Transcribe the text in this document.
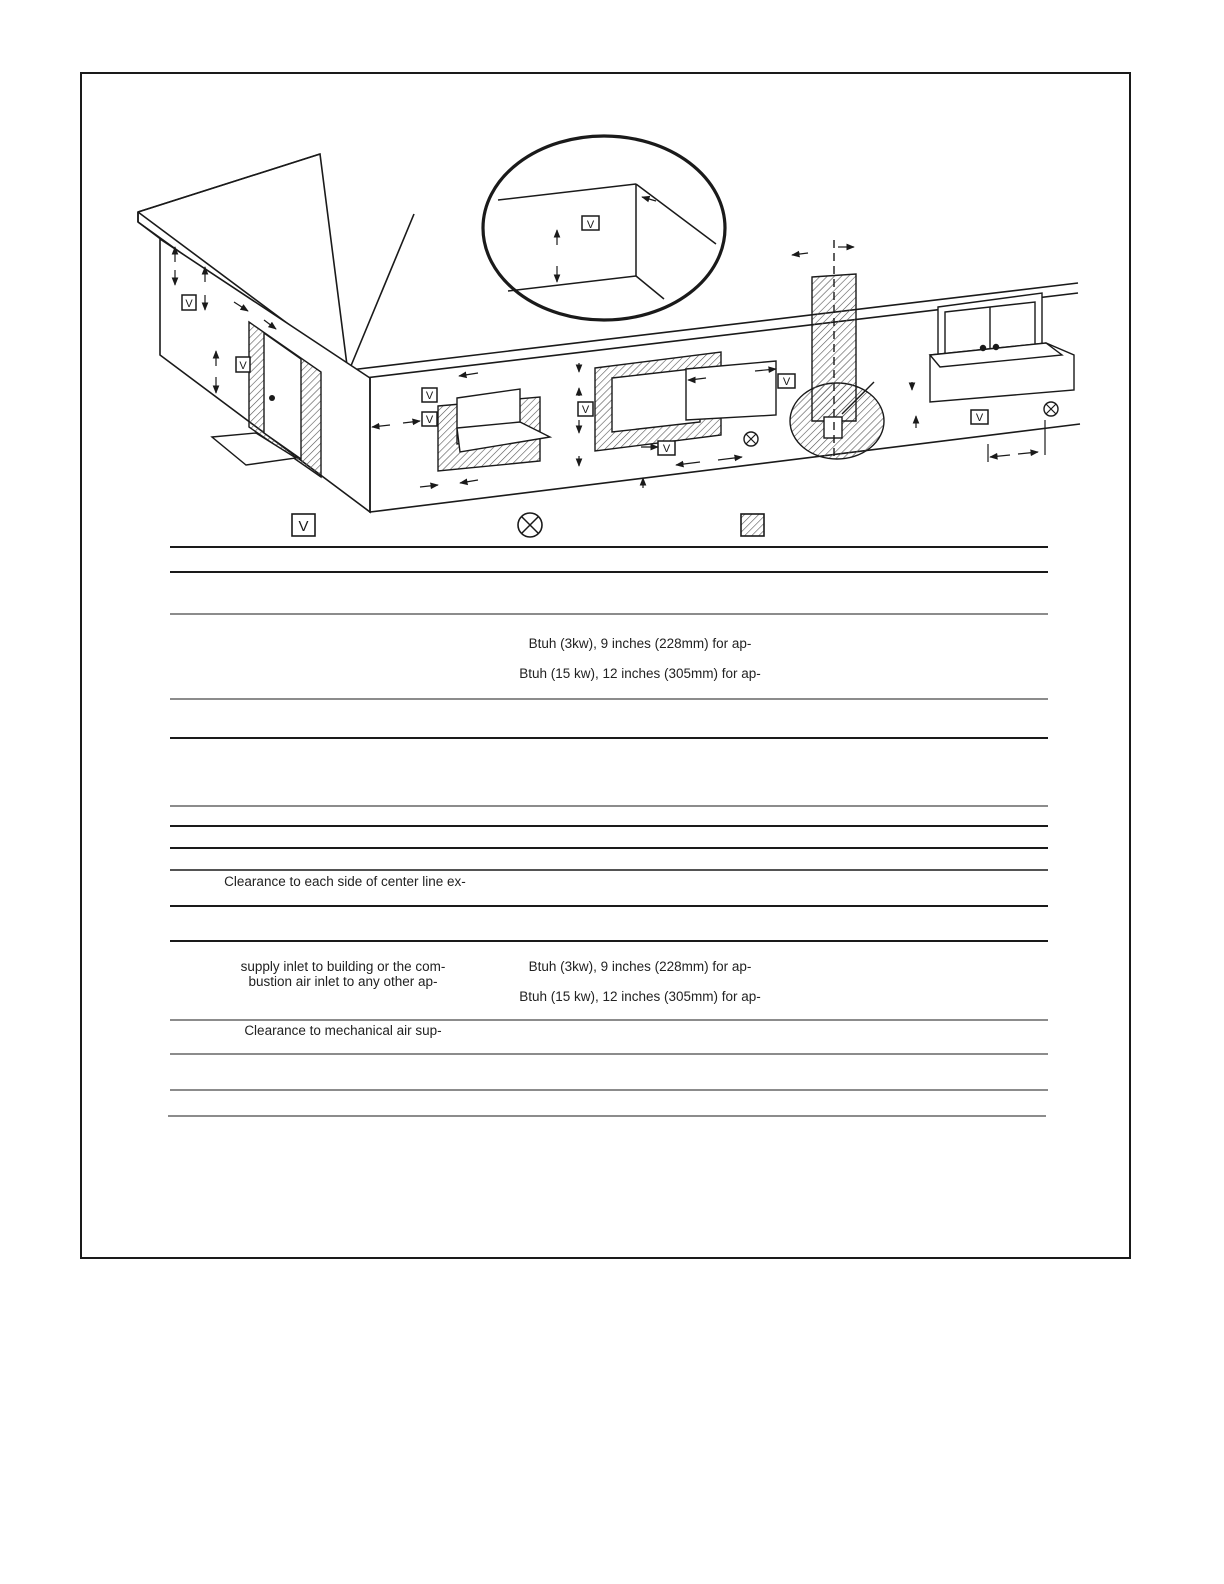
V
V
V
V
V
V
V
V
V
V
Btuh (3kw), 9 inches (228mm) for ap-
Btuh (15 kw), 12 inches (305mm) for ap-
Clearance to each side of center line ex-
supply inlet to building or the com-
bustion air inlet to any other ap-
Btuh (3kw), 9 inches (228mm) for ap-
Btuh (15 kw), 12 inches (305mm) for ap-
Clearance to mechanical air sup-
